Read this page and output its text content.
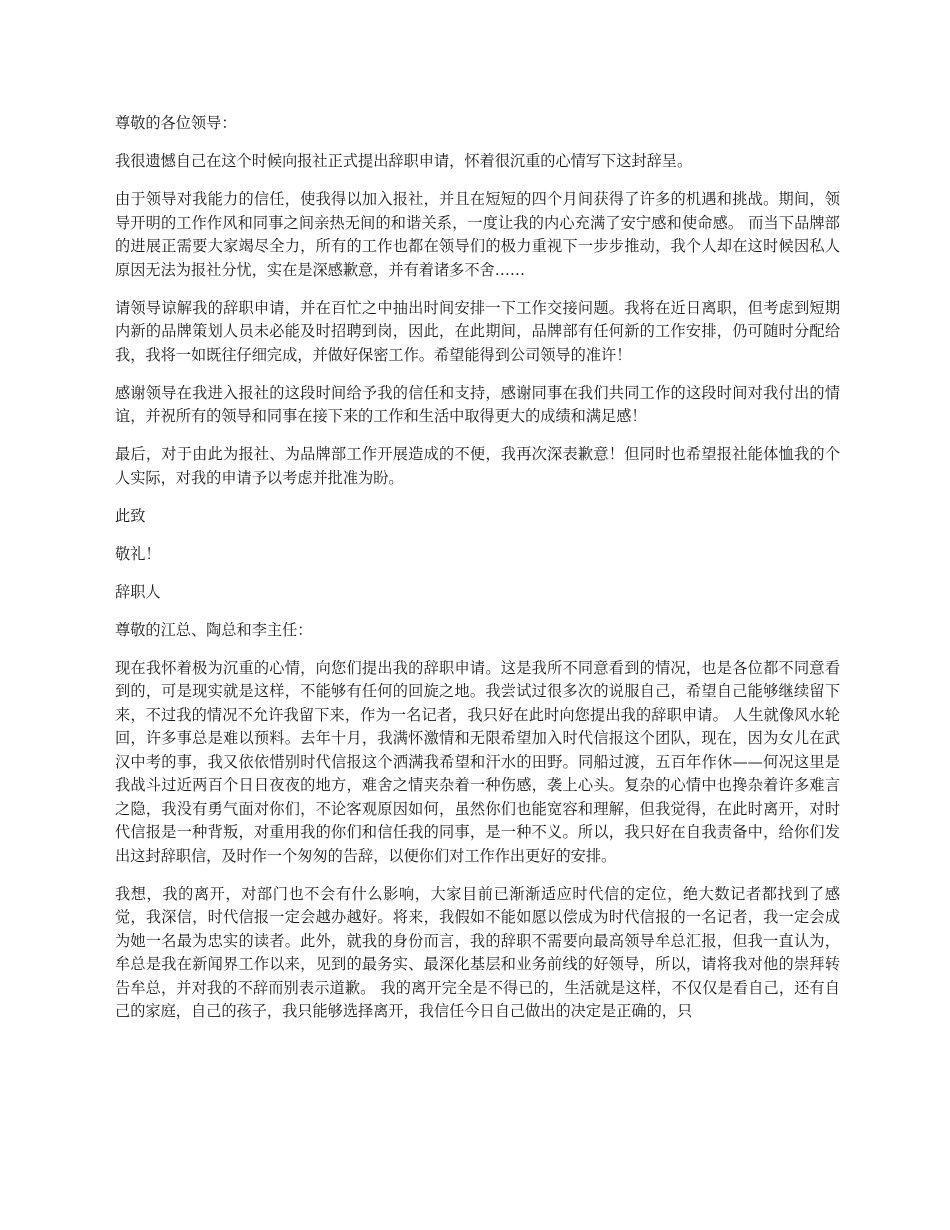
尊敬的各位领导：

我很遗憾自己在这个时候向报社正式提出辞职申请，怀着很沉重的心情写下这封辞呈。

由于领导对我能力的信任，使我得以加入报社，并且在短短的四个月间获得了许多的机遇和挑战。期间，领导开明的工作作风和同事之间亲热无间的和谐关系，一度让我的内心充满了安宁感和使命感。 而当下品牌部的进展正需要大家竭尽全力，所有的工作也都在领导们的极力重视下一步步推动，我个人却在这时候因私人原因无法为报社分忧，实在是深感歉意，并有着诸多不舍……

请领导谅解我的辞职申请，并在百忙之中抽出时间安排一下工作交接问题。我将在近日离职，但考虑到短期内新的品牌策划人员未必能及时招聘到岗，因此，在此期间，品牌部有任何新的工作安排，仍可随时分配给我，我将一如既往仔细完成，并做好保密工作。希望能得到公司领导的准许！

感谢领导在我进入报社的这段时间给予我的信任和支持，感谢同事在我们共同工作的这段时间对我付出的情谊，并祝所有的领导和同事在接下来的工作和生活中取得更大的成绩和满足感！

最后，对于由此为报社、为品牌部工作开展造成的不便，我再次深表歉意！但同时也希望报社能体恤我的个人实际，对我的申请予以考虑并批准为盼。

此致

敬礼！

辞职人

尊敬的江总、陶总和李主任：

现在我怀着极为沉重的心情，向您们提出我的辞职申请。这是我所不同意看到的情况，也是各位都不同意看到的，可是现实就是这样，不能够有任何的回旋之地。我尝试过很多次的说服自己，希望自己能够继续留下来，不过我的情况不允许我留下来，作为一名记者，我只好在此时向您提出我的辞职申请。 人生就像风水轮回，许多事总是难以预料。去年十月，我满怀激情和无限希望加入时代信报这个团队，现在，因为女儿在武汉中考的事，我又依依惜别时代信报这个洒满我希望和汗水的田野。同船过渡，五百年作休——何况这里是我战斗过近两百个日日夜夜的地方，难舍之情夹杂着一种伤感，袭上心头。复杂的心情中也搀杂着许多难言之隐，我没有勇气面对你们，不论客观原因如何，虽然你们也能宽容和理解，但我觉得，在此时离开，对时代信报是一种背叛，对重用我的你们和信任我的同事，是一种不义。所以，我只好在自我责备中，给你们发出这封辞职信，及时作一个匆匆的告辞，以便你们对工作作出更好的安排。

我想，我的离开，对部门也不会有什么影响，大家目前已渐渐适应时代信的定位，绝大数记者都找到了感觉，我深信，时代信报一定会越办越好。将来，我假如不能如愿以偿成为时代信报的一名记者，我一定会成为她一名最为忠实的读者。此外，就我的身份而言，我的辞职不需要向最高领导牟总汇报，但我一直认为，牟总是我在新闻界工作以来，见到的最务实、最深化基层和业务前线的好领导，所以，请将我对他的崇拜转告牟总，并对我的不辞而别表示道歉。 我的离开完全是不得已的，生活就是这样，不仅仅是看自己，还有自己的家庭，自己的孩子，我只能够选择离开，我信任今日自己做出的决定是正确的，只
